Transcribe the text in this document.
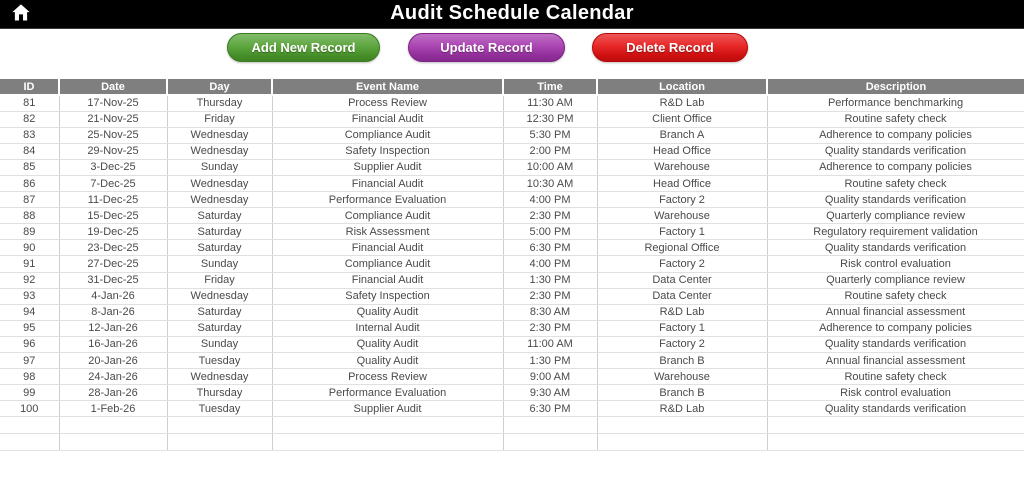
Audit Schedule Calendar
Add New Record	Update Record	Delete Record
ID	Date	Day	Event Name	Time	Location	Description
81	17-Nov-25	Thursday	Process Review	11:30 AM	R&D Lab	Performance benchmarking
82	21-Nov-25	Friday	Financial Audit	12:30 PM	Client Office	Routine safety check
83	25-Nov-25	Wednesday	Compliance Audit	5:30 PM	Branch A	Adherence to company policies
84	29-Nov-25	Wednesday	Safety Inspection	2:00 PM	Head Office	Quality standards verification
85	3-Dec-25	Sunday	Supplier Audit	10:00 AM	Warehouse	Adherence to company policies
86	7-Dec-25	Wednesday	Financial Audit	10:30 AM	Head Office	Routine safety check
87	11-Dec-25	Wednesday	Performance Evaluation	4:00 PM	Factory 2	Quality standards verification
88	15-Dec-25	Saturday	Compliance Audit	2:30 PM	Warehouse	Quarterly compliance review
89	19-Dec-25	Saturday	Risk Assessment	5:00 PM	Factory 1	Regulatory requirement validation
90	23-Dec-25	Saturday	Financial Audit	6:30 PM	Regional Office	Quality standards verification
91	27-Dec-25	Sunday	Compliance Audit	4:00 PM	Factory 2	Risk control evaluation
92	31-Dec-25	Friday	Financial Audit	1:30 PM	Data Center	Quarterly compliance review
93	4-Jan-26	Wednesday	Safety Inspection	2:30 PM	Data Center	Routine safety check
94	8-Jan-26	Saturday	Quality Audit	8:30 AM	R&D Lab	Annual financial assessment
95	12-Jan-26	Saturday	Internal Audit	2:30 PM	Factory 1	Adherence to company policies
96	16-Jan-26	Sunday	Quality Audit	11:00 AM	Factory 2	Quality standards verification
97	20-Jan-26	Tuesday	Quality Audit	1:30 PM	Branch B	Annual financial assessment
98	24-Jan-26	Wednesday	Process Review	9:00 AM	Warehouse	Routine safety check
99	28-Jan-26	Thursday	Performance Evaluation	9:30 AM	Branch B	Risk control evaluation
100	1-Feb-26	Tuesday	Supplier Audit	6:30 PM	R&D Lab	Quality standards verification
